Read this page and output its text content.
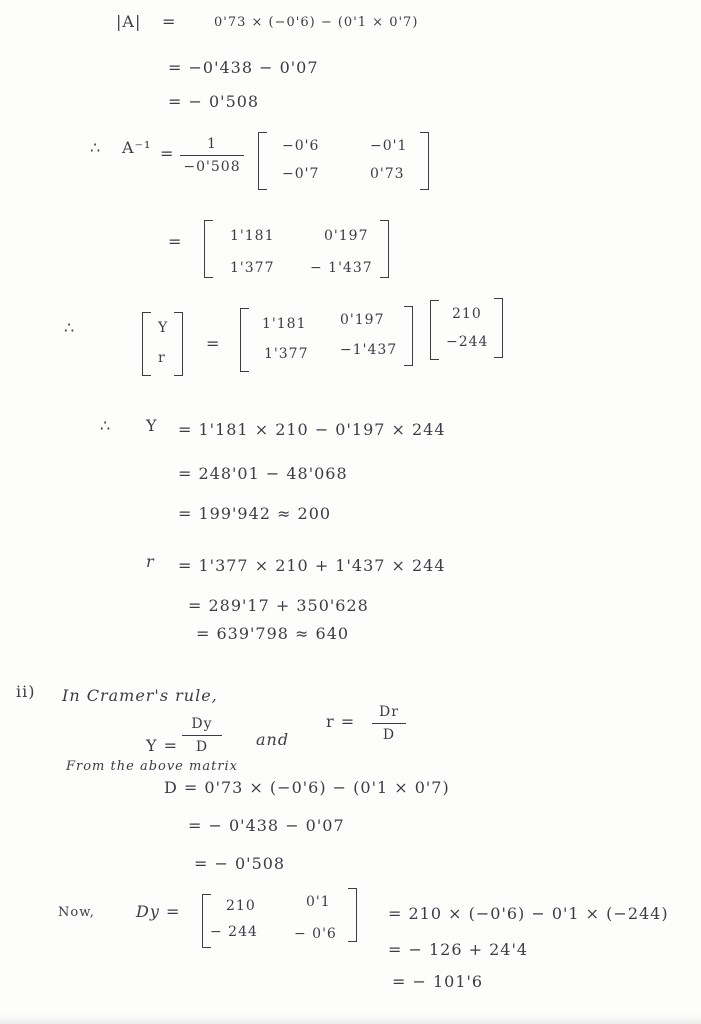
|A| =	0'73 × (−0'6) − (0'1 × 0'7)
= −0'438 − 0'07
= − 0'508
∴ A⁻¹ =	1
−0'508
−0'6	−0'1
−0'7	0'73
=	1'181	0'197
1'377	− 1'437
∴	Y
r
=
1'181 0'197
1'377 −1'437
210
−244
∴ Y = 1'181 × 210 − 0'197 × 244
= 248'01 − 48'068
= 199'942 ≈ 200
r = 1'377 × 210 + 1'437 × 244
= 289'17 + 350'628
= 639'798 ≈ 640
ii) In Cramer's rule,
Y =
Dy
D	and
r =	Dr
D
From the above matrix
D = 0'73 × (−0'6) − (0'1 × 0'7)
= − 0'438 − 0'07
= − 0'508
Now,	Dy =	210	0'1
− 244	− 0'6
= 210 × (−0'6) − 0'1 × (−244)
= − 126 + 24'4
= − 101'6
